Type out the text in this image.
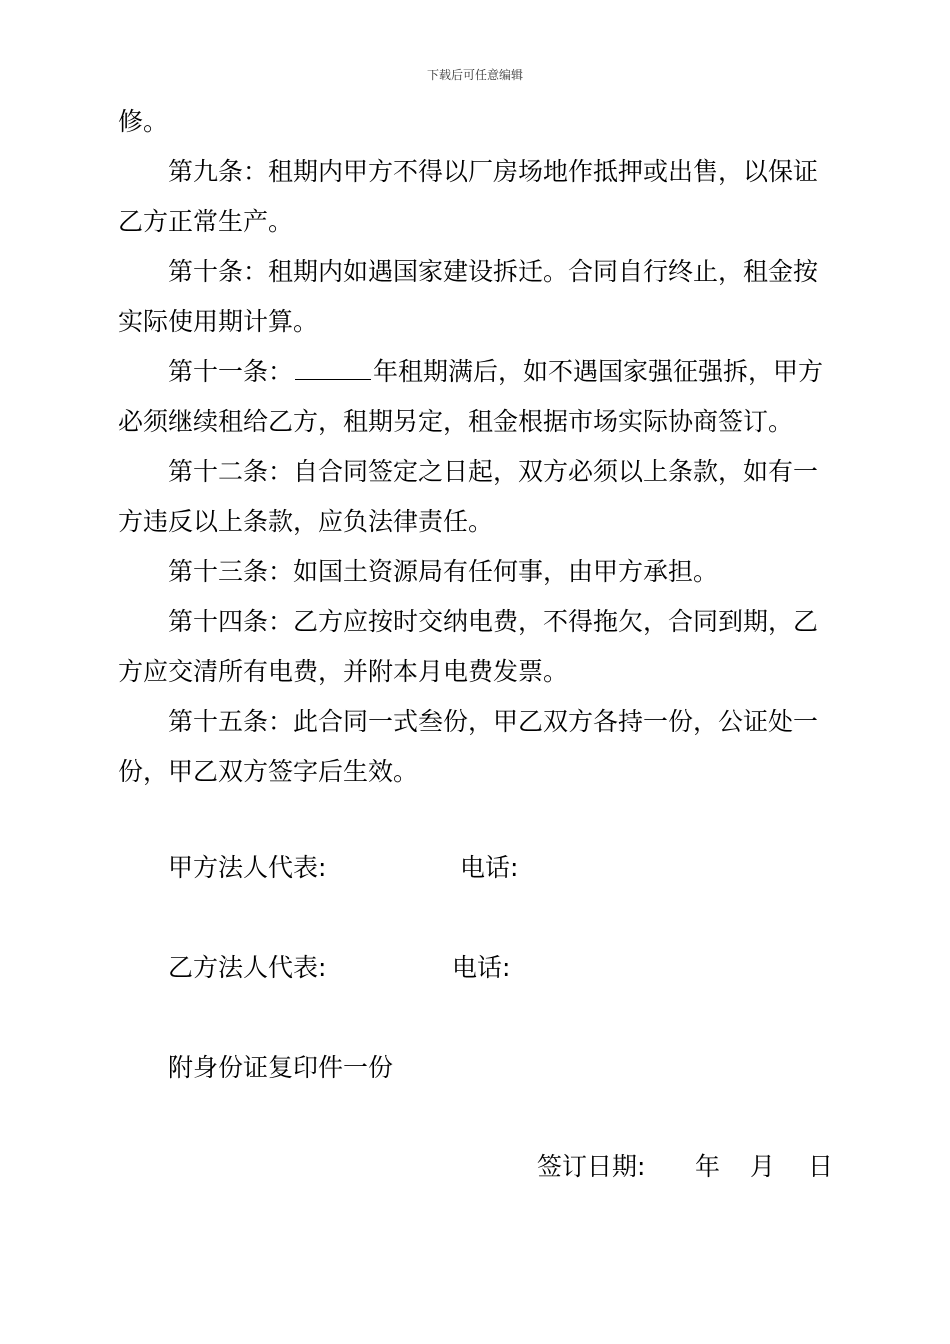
下载后可任意编辑

修。

第九条：租期内甲方不得以厂房场地作抵押或出售，以保证乙方正常生产。

第十条：租期内如遇国家建设拆迁。合同自行终止，租金按实际使用期计算。

第十一条：	年租期满后，如不遇国家强征强拆，甲方必须继续租给乙方，租期另定，租金根据市场实际协商签订。

第十二条：自合同签定之日起，双方必须以上条款，如有一方违反以上条款，应负法律责任。

第十三条：如国土资源局有任何事，由甲方承担。

第十四条：乙方应按时交纳电费，不得拖欠，合同到期，乙方应交清所有电费，并附本月电费发票。

第十五条：此合同一式叁份，甲乙双方各持一份，公证处一份，甲乙双方签字后生效。

甲方法人代表:	电话:
乙方法人代表:	电话:
附身份证复印件一份
签订日期: 年 月 日
